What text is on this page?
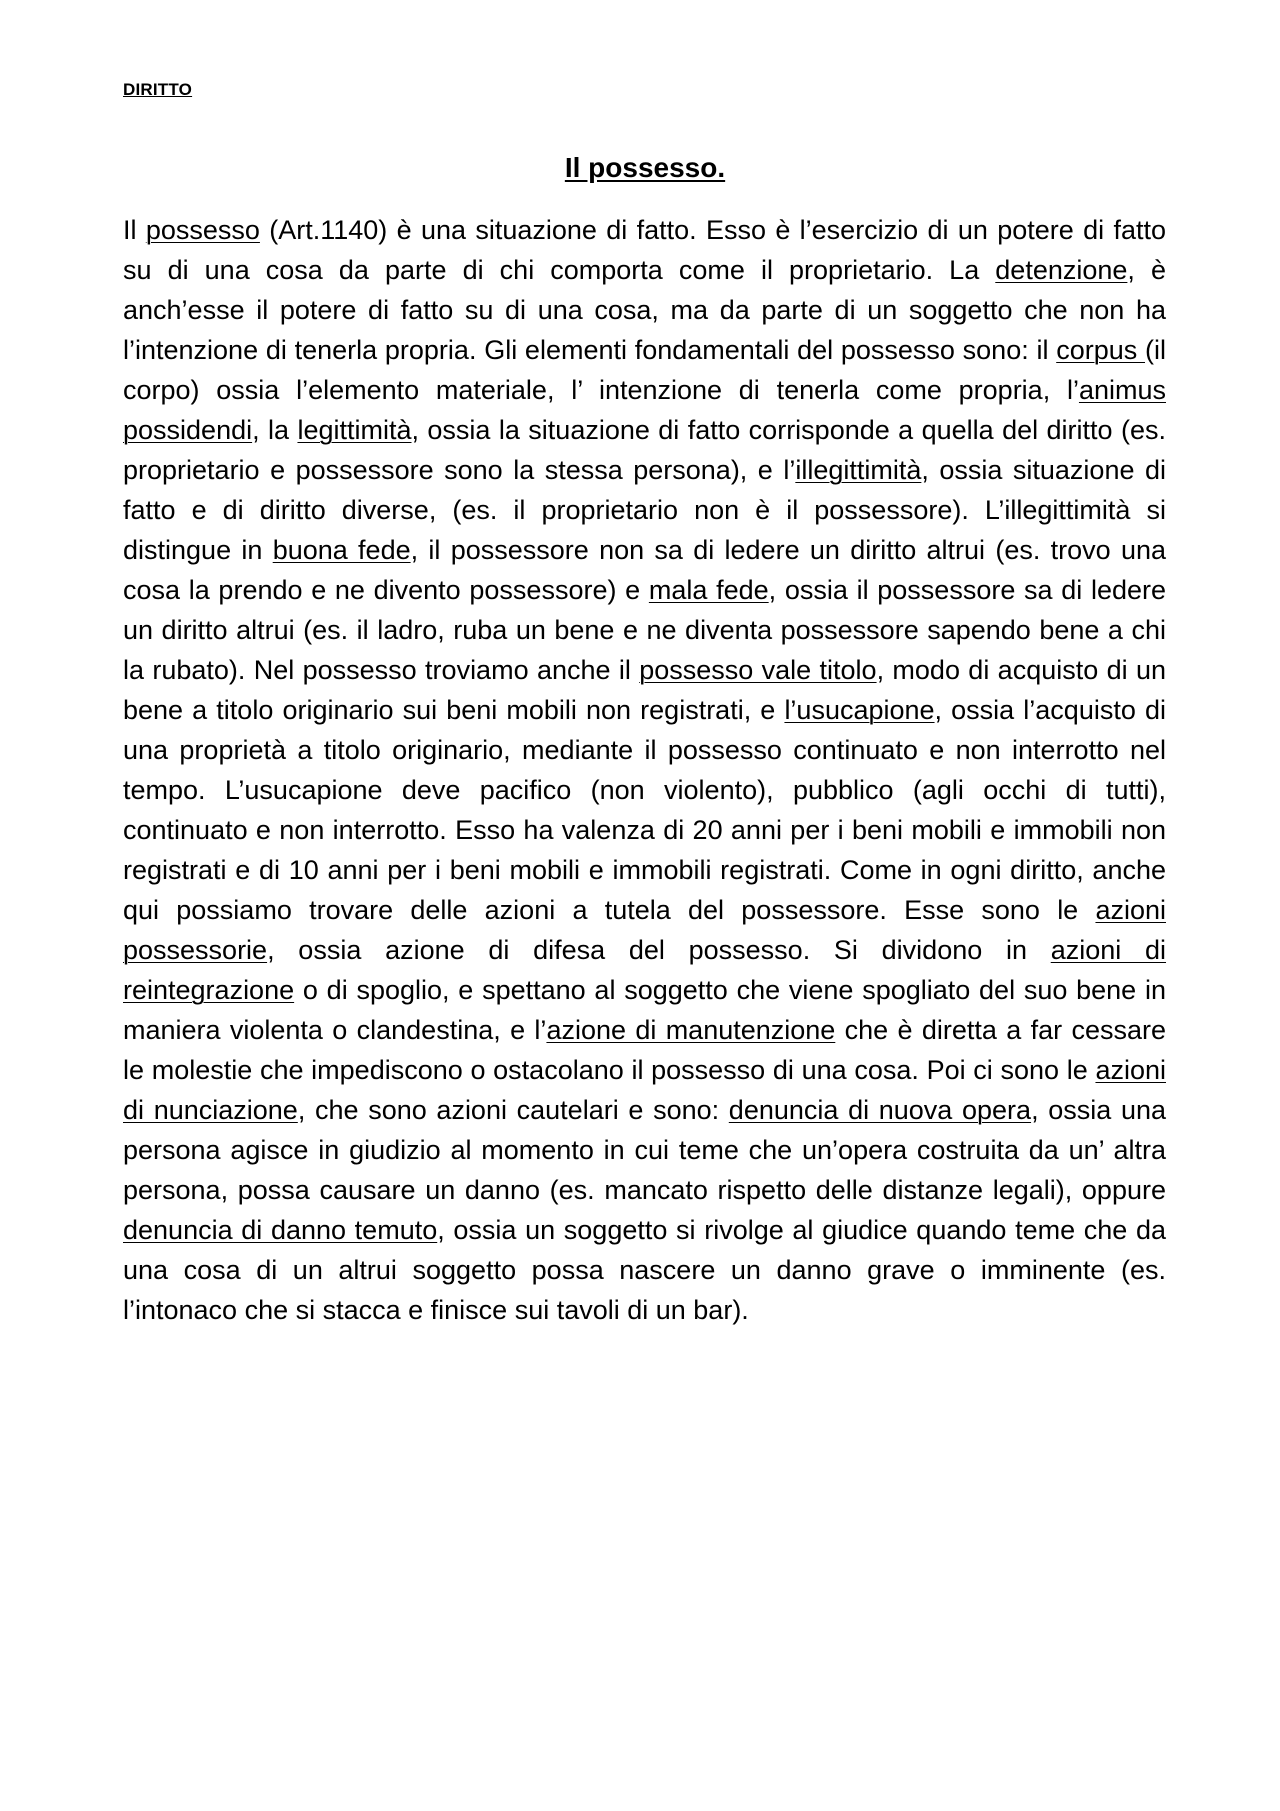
DIRITTO
Il possesso.

Il possesso (Art.1140) è una situazione di fatto. Esso è l’esercizio di un potere di fatto su di una cosa da parte di chi comporta come il proprietario. La detenzione, è anch’esse il potere di fatto su di una cosa, ma da parte di un soggetto che non ha l’intenzione di tenerla propria. Gli elementi fondamentali del possesso sono: il corpus (il corpo) ossia l’elemento materiale, l’ intenzione di tenerla come propria, l’animus possidendi, la legittimità, ossia la situazione di fatto corrisponde a quella del diritto (es. proprietario e possessore sono la stessa persona), e l’illegittimità, ossia situazione di fatto e di diritto diverse, (es. il proprietario non è il possessore). L’illegittimità si distingue in buona fede, il possessore non sa di ledere un diritto altrui (es. trovo una cosa la prendo e ne divento possessore) e mala fede, ossia il possessore sa di ledere un diritto altrui (es. il ladro, ruba un bene e ne diventa possessore sapendo bene a chi la rubato). Nel possesso troviamo anche il possesso vale titolo, modo di acquisto di un bene a titolo originario sui beni mobili non registrati, e l’usucapione, ossia l’acquisto di una proprietà a titolo originario, mediante il possesso continuato e non interrotto nel tempo. L’usucapione deve pacifico (non violento), pubblico (agli occhi di tutti), continuato e non interrotto. Esso ha valenza di 20 anni per i beni mobili e immobili non registrati e di 10 anni per i beni mobili e immobili registrati. Come in ogni diritto, anche qui possiamo trovare delle azioni a tutela del possessore. Esse sono le azioni possessorie, ossia azione di difesa del possesso. Si dividono in azioni di reintegrazione o di spoglio, e spettano al soggetto che viene spogliato del suo bene in maniera violenta o clandestina, e l’azione di manutenzione che è diretta a far cessare le molestie che impediscono o ostacolano il possesso di una cosa. Poi ci sono le azioni di nunciazione, che sono azioni cautelari e sono: denuncia di nuova opera, ossia una persona agisce in giudizio al momento in cui teme che un’opera costruita da un’ altra persona, possa causare un danno (es. mancato rispetto delle distanze legali), oppure denuncia di danno temuto, ossia un soggetto si rivolge al giudice quando teme che da una cosa di un altrui soggetto possa nascere un danno grave o imminente (es. l’intonaco che si stacca e finisce sui tavoli di un bar).
